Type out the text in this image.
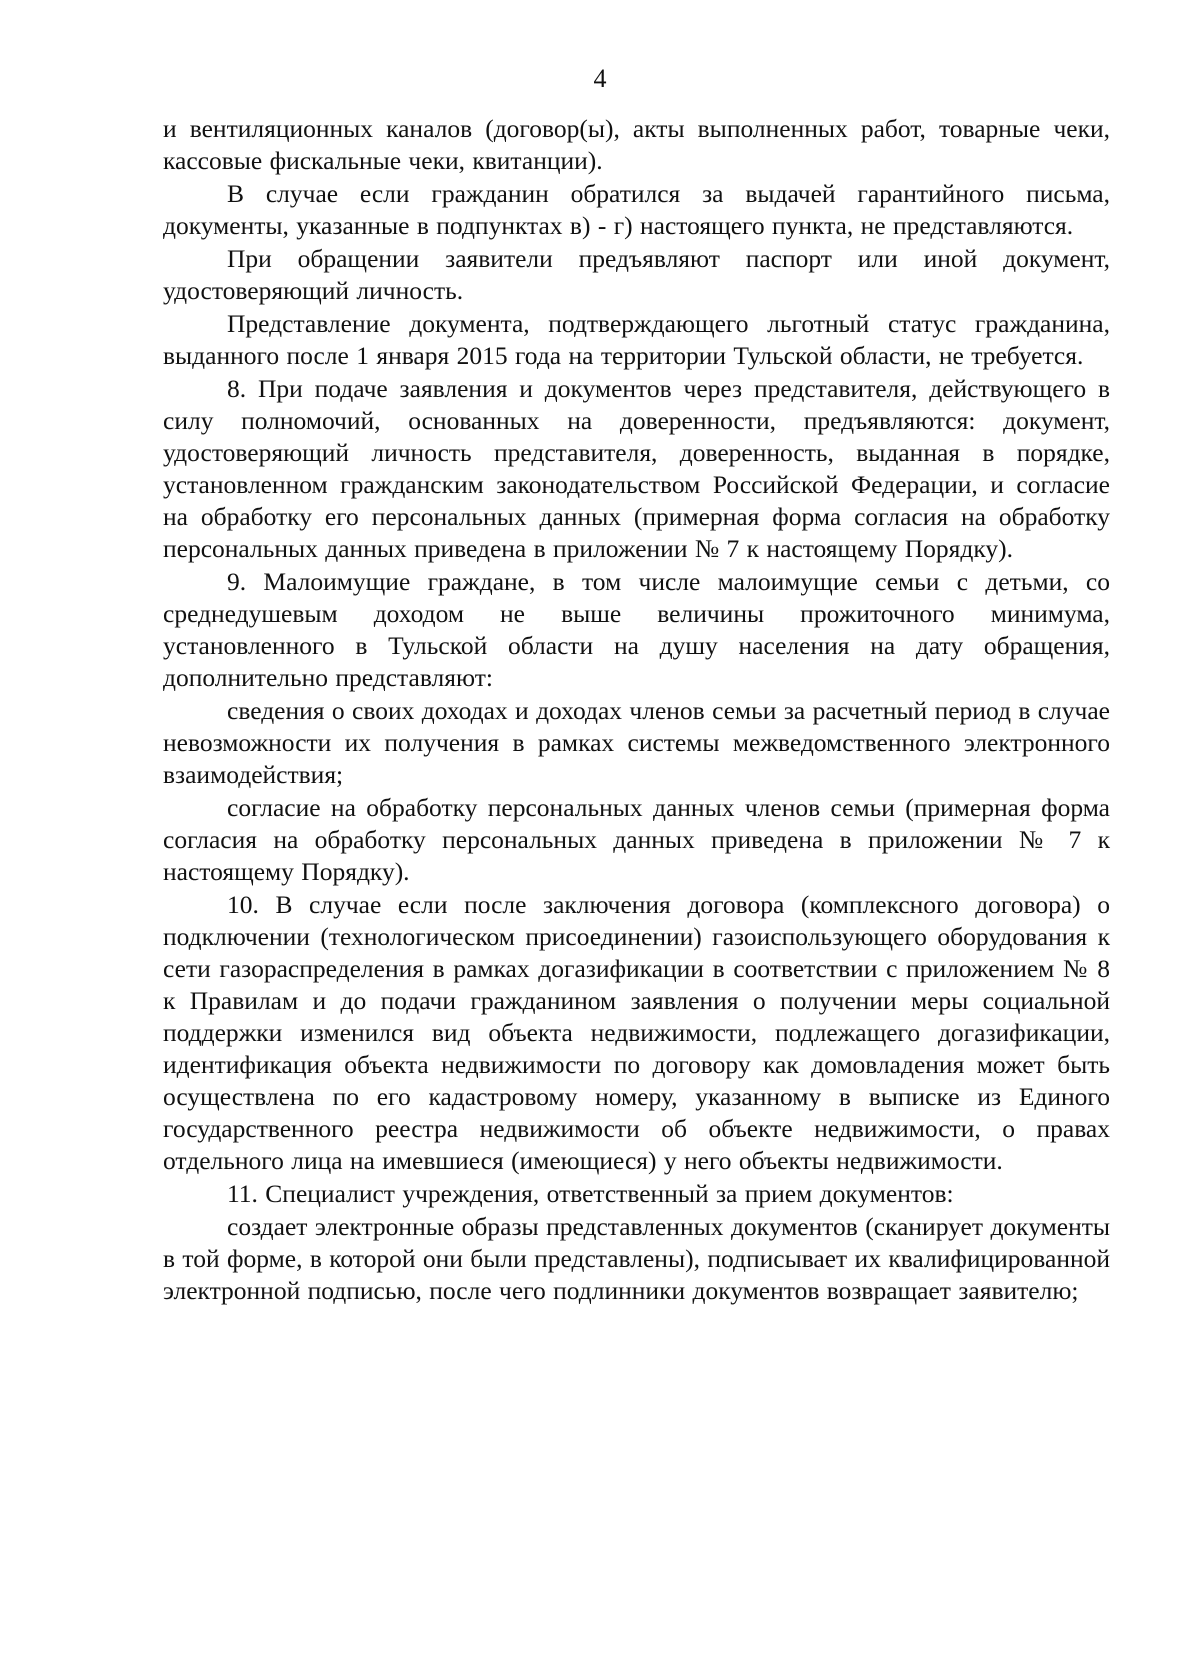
4

и вентиляционных каналов (договор(ы), акты выполненных работ, товарные чеки, кассовые фискальные чеки, квитанции).

В случае если гражданин обратился за выдачей гарантийного письма, документы, указанные в подпунктах в) - г) настоящего пункта, не представляются.

При обращении заявители предъявляют паспорт или иной документ, удостоверяющий личность.

Представление документа, подтверждающего льготный статус гражданина, выданного после 1 января 2015 года на территории Тульской области, не требуется.

8. При подаче заявления и документов через представителя, действующего в силу полномочий, основанных на доверенности, предъявляются: документ, удостоверяющий личность представителя, доверенность, выданная в порядке, установленном гражданским законодательством Российской Федерации, и согласие на обработку его персональных данных (примерная форма согласия на обработку персональных данных приведена в приложении № 7 к настоящему Порядку).

9. Малоимущие граждане, в том числе малоимущие семьи с детьми, со среднедушевым доходом не выше величины прожиточного минимума, установленного в Тульской области на душу населения на дату обращения, дополнительно представляют:

сведения о своих доходах и доходах членов семьи за расчетный период в случае невозможности их получения в рамках системы межведомственного электронного взаимодействия;

согласие на обработку персональных данных членов семьи (примерная форма согласия на обработку персональных данных приведена в приложении № 7 к настоящему Порядку).

10. В случае если после заключения договора (комплексного договора) о подключении (технологическом присоединении) газоиспользующего оборудования к сети газораспределения в рамках догазификации в соответствии с приложением № 8 к Правилам и до подачи гражданином заявления о получении меры социальной поддержки изменился вид объекта недвижимости, подлежащего догазификации, идентификация объекта недвижимости по договору как домовладения может быть осуществлена по его кадастровому номеру, указанному в выписке из Единого государственного реестра недвижимости об объекте недвижимости, о правах отдельного лица на имевшиеся (имеющиеся) у него объекты недвижимости.

11. Специалист учреждения, ответственный за прием документов:

создает электронные образы представленных документов (сканирует документы в той форме, в которой они были представлены), подписывает их квалифицированной электронной подписью, после чего подлинники документов возвращает заявителю;
